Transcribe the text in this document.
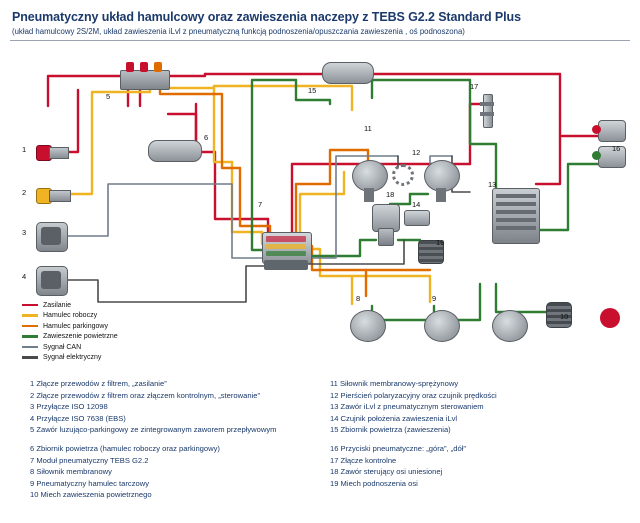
Pneumatyczny układ hamulcowy oraz zawieszenia naczepy z TEBS G2.2 Standard Plus
(układ hamulcowy 2S/2M, układ zawieszenia iLvl z pneumatyczną funkcją podnoszenia/opuszczania zawieszenia , oś podnoszona)
1
2
3
4
5
6
7
8	9
10
11
12
13
14
15
16
17
18
19
Zasilanie
Hamulec roboczy
Hamulec parkingowy
Zawieszenie powietrzne
Sygnał CAN
Sygnał elektryczny
1 Złącze przewodów z filtrem, „zasilanie”
2 Złącze przewodów z filtrem oraz złączem kontrolnym, „sterowanie”
3 Przyłącze ISO 12098
4 Przyłącze ISO 7638 (EBS)
5 Zawór luzująco-parkingowy ze zintegrowanym zaworem przepływowym
6 Zbiornik powietrza (hamulec roboczy oraz parkingowy)
7 Moduł pneumatyczny TEBS G2.2
8 Siłownik membranowy
9 Pneumatyczny hamulec tarczowy
10 Miech zawieszenia powietrznego
11 Siłownik membranowy-sprężynowy
12 Pierścień polaryzacyjny oraz czujnik prędkości
13 Zawór iLvl z pneumatycznym sterowaniem
14 Czujnik położenia zawieszenia iLvl
15 Zbiornik powietrza (zawieszenia)
16 Przyciski pneumatyczne: „góra”, „dół”
17 Złącze kontrolne
18 Zawór sterujący osi uniesionej
19 Miech podnoszenia osi
